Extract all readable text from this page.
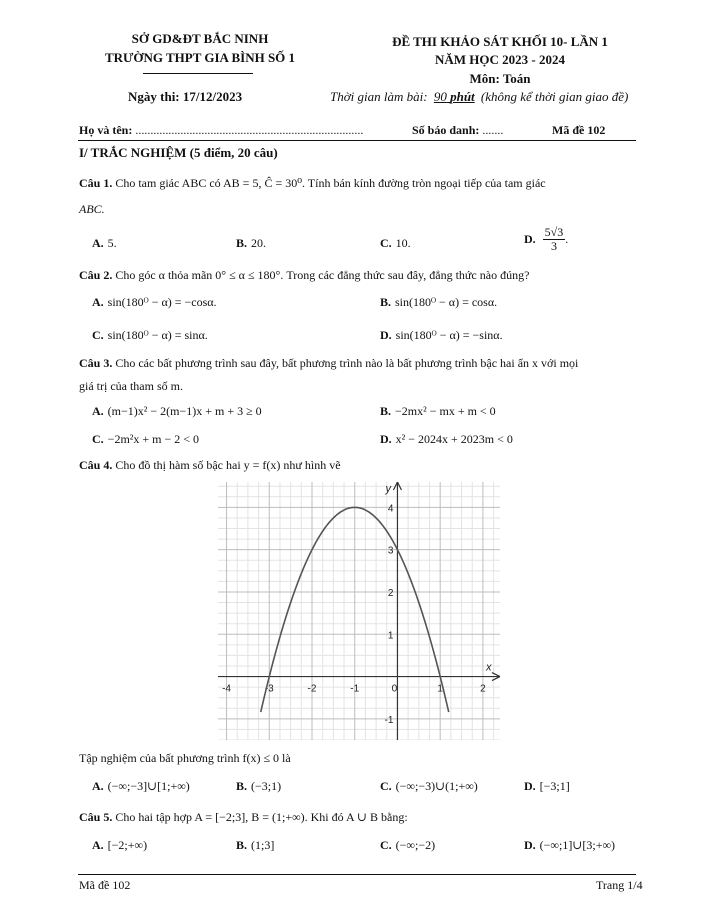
SỞ GD&ĐT BẮC NINH
TRƯỜNG THPT GIA BÌNH SỐ 1
ĐỀ THI KHẢO SÁT KHỐI 10- LẦN 1
NĂM HỌC 2023 - 2024
Môn: Toán
Ngày thi: 17/12/2023	Thời gian làm bài: 90 phút (không kể thời gian giao đề)
Họ và tên: ............................................................................	Số báo danh: .......	Mã đề 102
I/ TRẮC NGHIỆM (5 điểm, 20 câu)
Câu 1. Cho tam giác ABC có AB = 5, Ĉ = 30⁰. Tính bán kính đường tròn ngoại tiếp của tam giác
ABC.
A. 5.	B. 20.	C. 10.	D. $\frac{5√3}{3}$ .
Câu 2. Cho góc α thỏa mãn 0° ≤ α ≤ 180°. Trong các đẳng thức sau đây, đẳng thức nào đúng?
A. sin(180ᴼ − α) = −cosα.	B. sin(180ᴼ − α) = cosα.
C. sin(180ᴼ − α) = sinα.	D. sin(180ᴼ − α) = −sinα.
Câu 3. Cho các bất phương trình sau đây, bất phương trình nào là bất phương trình bậc hai ẩn x với mọi
giá trị của tham số m.
A. (m−1)x² − 2(m−1)x + m + 3 ≥ 0	B. −2mx² − mx + m < 0
C. −2m²x + m − 2 < 0	D. x² − 2024x + 2023m < 0
Câu 4. Cho đồ thị hàm số bậc hai y = f(x) như hình vẽ
x
y
-4	-3	-2	-1	0	1	2
4
3
2
1
-1
Tập nghiệm của bất phương trình f(x) ≤ 0 là
A. (−∞;−3]∪[1;+∞)	B. (−3;1)	C. (−∞;−3)∪(1;+∞)	D. [−3;1]
Câu 5. Cho hai tập hợp A = [−2;3], B = (1;+∞). Khi đó A ∪ B bằng:
A. [−2;+∞)	B. (1;3]	C. (−∞;−2)	D. (−∞;1]∪[3;+∞)
Mã đề 102	Trang 1/4
